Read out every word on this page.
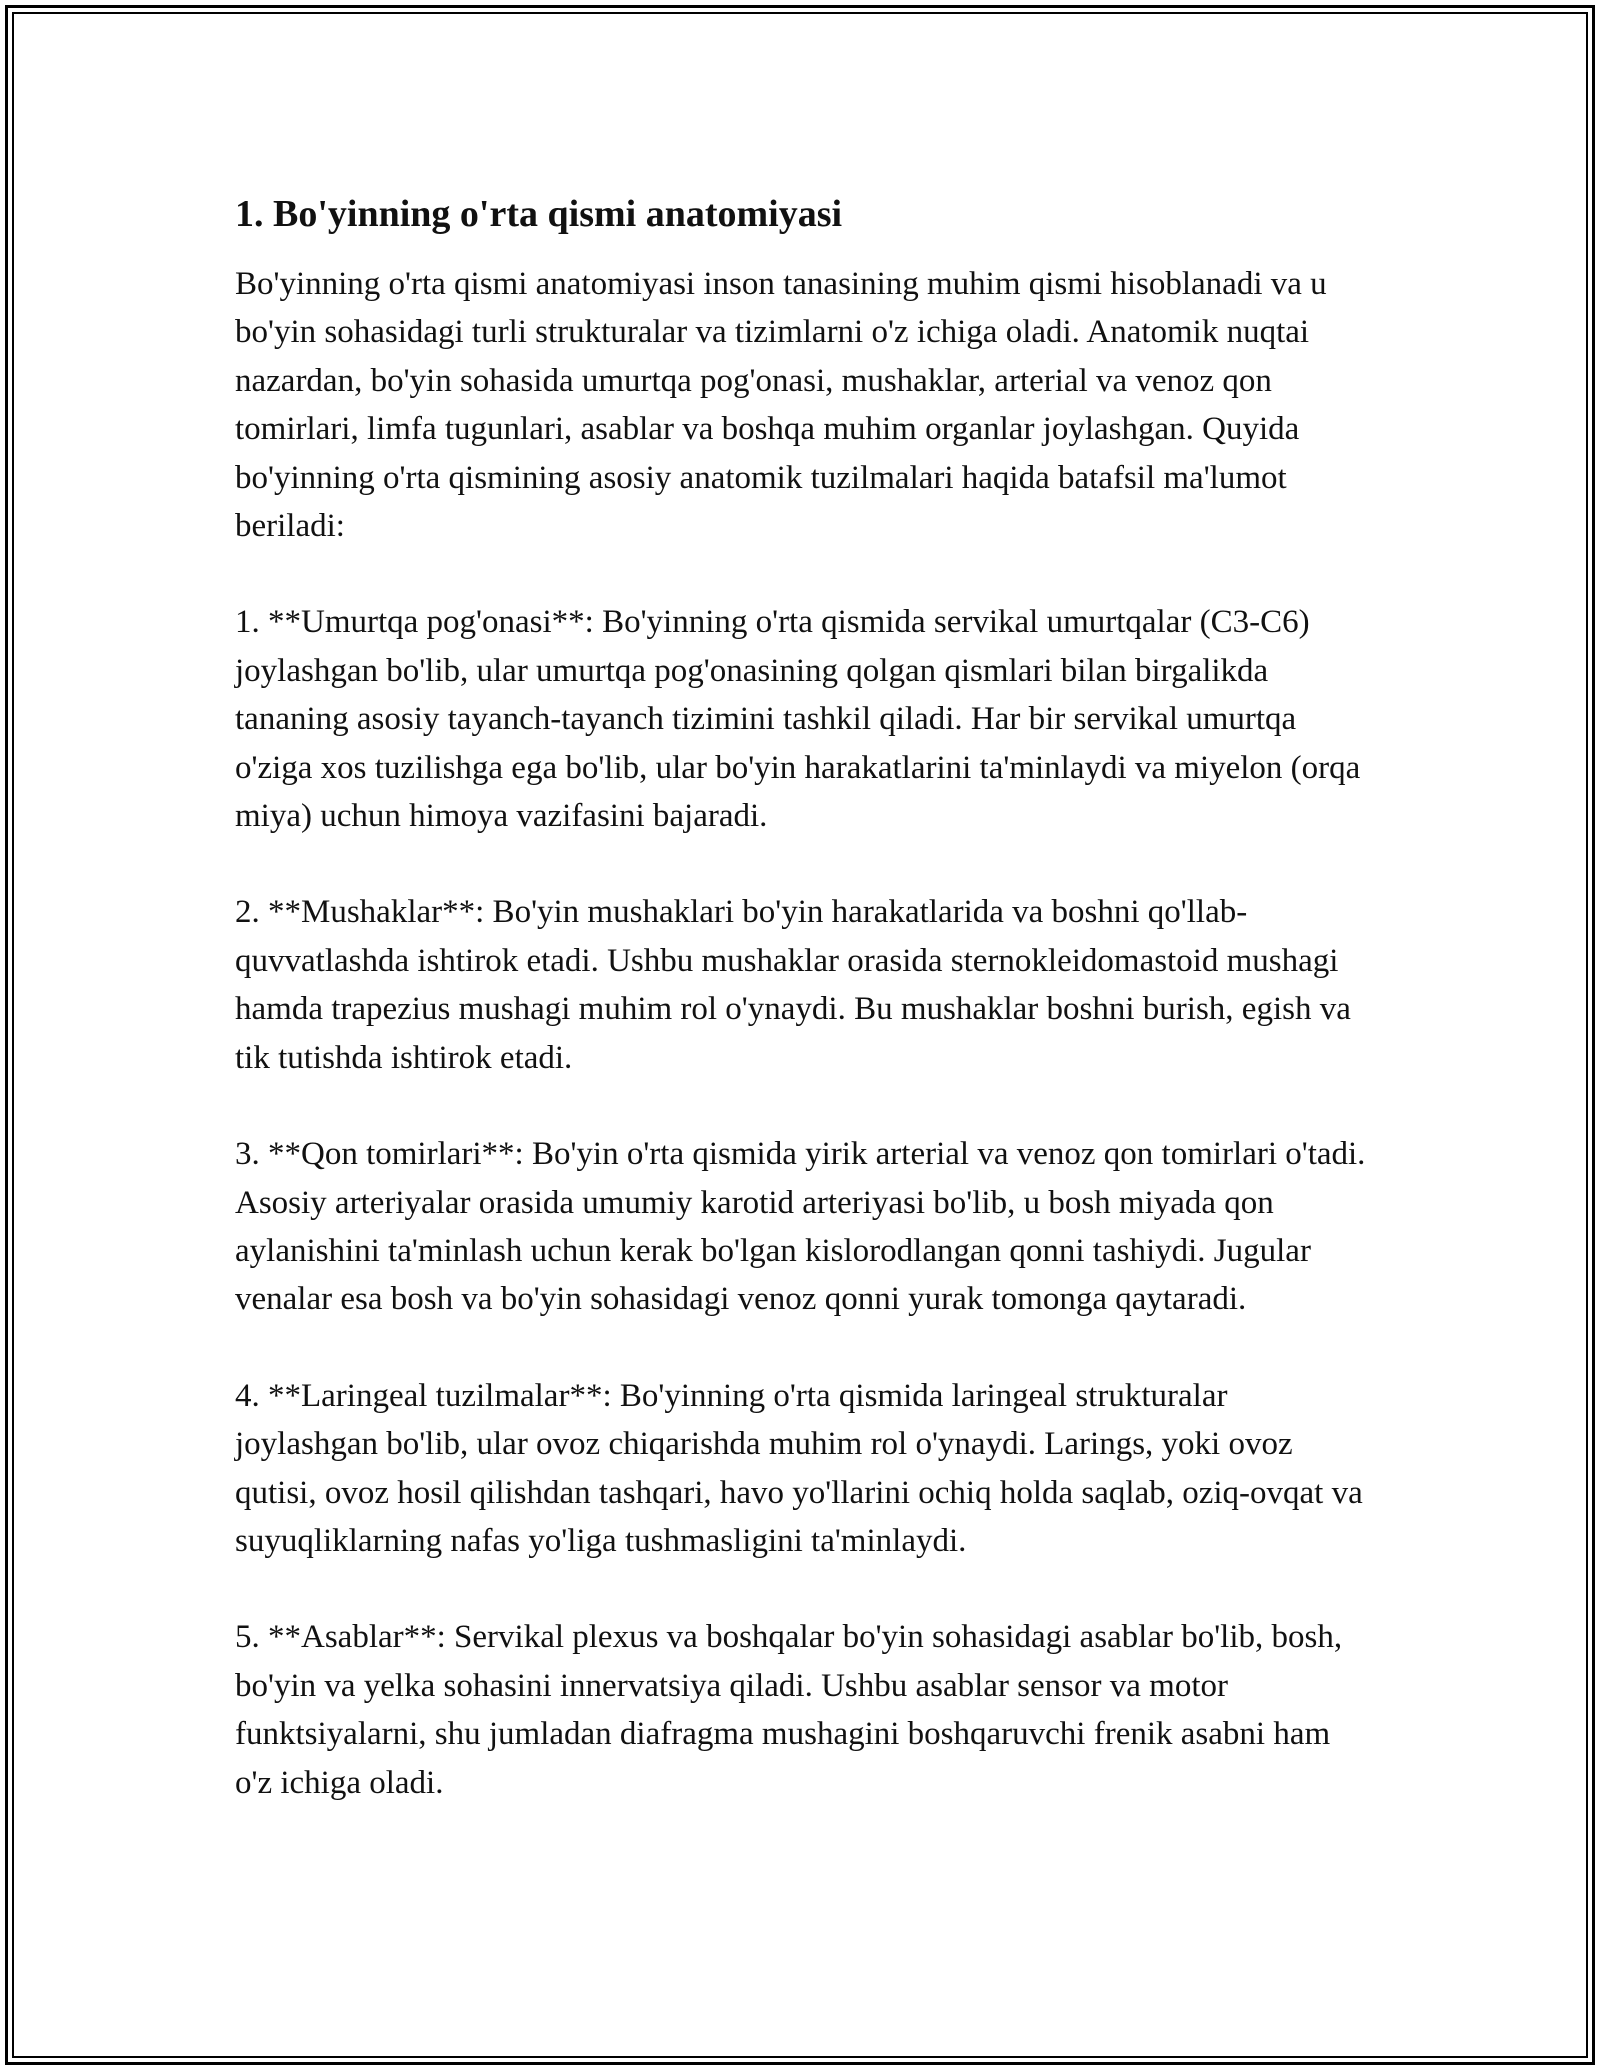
1. Bo'yinning o'rta qismi anatomiyasi

Bo'yinning o'rta qismi anatomiyasi inson tanasining muhim qismi hisoblanadi va u bo'yin sohasidagi turli strukturalar va tizimlarni o'z ichiga oladi. Anatomik nuqtai nazardan, bo'yin sohasida umurtqa pog'onasi, mushaklar, arterial va venoz qon tomirlari, limfa tugunlari, asablar va boshqa muhim organlar joylashgan. Quyida bo'yinning o'rta qismining asosiy anatomik tuzilmalari haqida batafsil ma'lumot beriladi:

1. **Umurtqa pog'onasi**: Bo'yinning o'rta qismida servikal umurtqalar (C3-C6) joylashgan bo'lib, ular umurtqa pog'onasining qolgan qismlari bilan birgalikda tananing asosiy tayanch-tayanch tizimini tashkil qiladi. Har bir servikal umurtqa o'ziga xos tuzilishga ega bo'lib, ular bo'yin harakatlarini ta'minlaydi va miyelon (orqa miya) uchun himoya vazifasini bajaradi.

2. **Mushaklar**: Bo'yin mushaklari bo'yin harakatlarida va boshni qo'llab-quvvatlashda ishtirok etadi. Ushbu mushaklar orasida sternokleidomastoid mushagi hamda trapezius mushagi muhim rol o'ynaydi. Bu mushaklar boshni burish, egish va tik tutishda ishtirok etadi.

3. **Qon tomirlari**: Bo'yin o'rta qismida yirik arterial va venoz qon tomirlari o'tadi. Asosiy arteriyalar orasida umumiy karotid arteriyasi bo'lib, u bosh miyada qon aylanishini ta'minlash uchun kerak bo'lgan kislorodlangan qonni tashiydi. Jugular venalar esa bosh va bo'yin sohasidagi venoz qonni yurak tomonga qaytaradi.

4. **Laringeal tuzilmalar**: Bo'yinning o'rta qismida laringeal strukturalar joylashgan bo'lib, ular ovoz chiqarishda muhim rol o'ynaydi. Larings, yoki ovoz qutisi, ovoz hosil qilishdan tashqari, havo yo'llarini ochiq holda saqlab, oziq-ovqat va suyuqliklarning nafas yo'liga tushmasligini ta'minlaydi.

5. **Asablar**: Servikal plexus va boshqalar bo'yin sohasidagi asablar bo'lib, bosh, bo'yin va yelka sohasini innervatsiya qiladi. Ushbu asablar sensor va motor funktsiyalarni, shu jumladan diafragma mushagini boshqaruvchi frenik asabni ham o'z ichiga oladi.
